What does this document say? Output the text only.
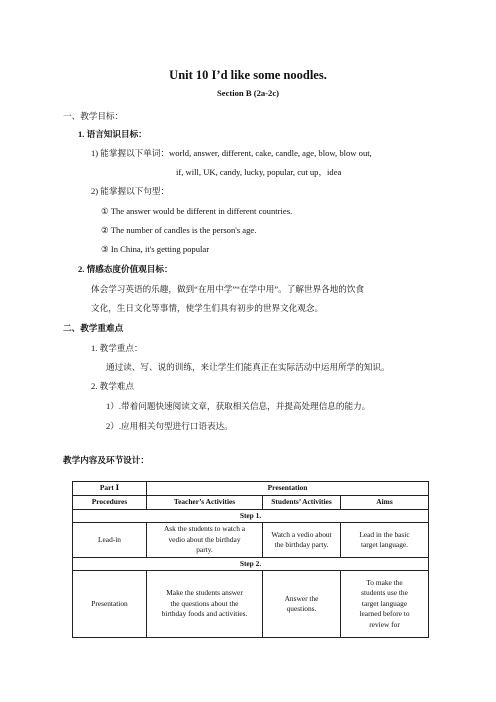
Unit 10 I’d like some noodles.
Section B (2a-2c)
一、教学目标：
1. 语言知识目标：
1) 能掌握以下单词：world, answer, different, cake, candle, age, blow, blow out,
if, will, UK, candy, lucky, popular, cut up，idea
2) 能掌握以下句型：
① The answer would be different in different countries.
② The number of candles is the person's age.
③ In China, it's getting popular
2. 情感态度价值观目标：
体会学习英语的乐趣，做到“在用中学”“在学中用”。了解世界各地的饮食
文化，生日文化等事情，使学生们具有初步的世界文化观念。
二、教学重难点
1. 教学重点：
通过读、写、说的训练，来让学生们能真正在实际活动中运用所学的知识。
2. 教学难点
1）.带着问题快速阅读文章，获取相关信息，并提高处理信息的能力。
2）.应用相关句型进行口语表达。
教学内容及环节设计：
Part Ⅰ	Presentation		
Procedures	Teacher’s Activities	Students’ Activities	Aims
Step 1.			
Lead-in	Ask the students to watch a
vedio about the birthday
party.	Watch a vedio about
the birthday party.	Lead in the basic
target language.
Step 2.			
Presentation	Make the students answer
the questions about the
birthday foods and activities.	Answer the
questions.	To make the
students use the
target language
learned before to
review for
